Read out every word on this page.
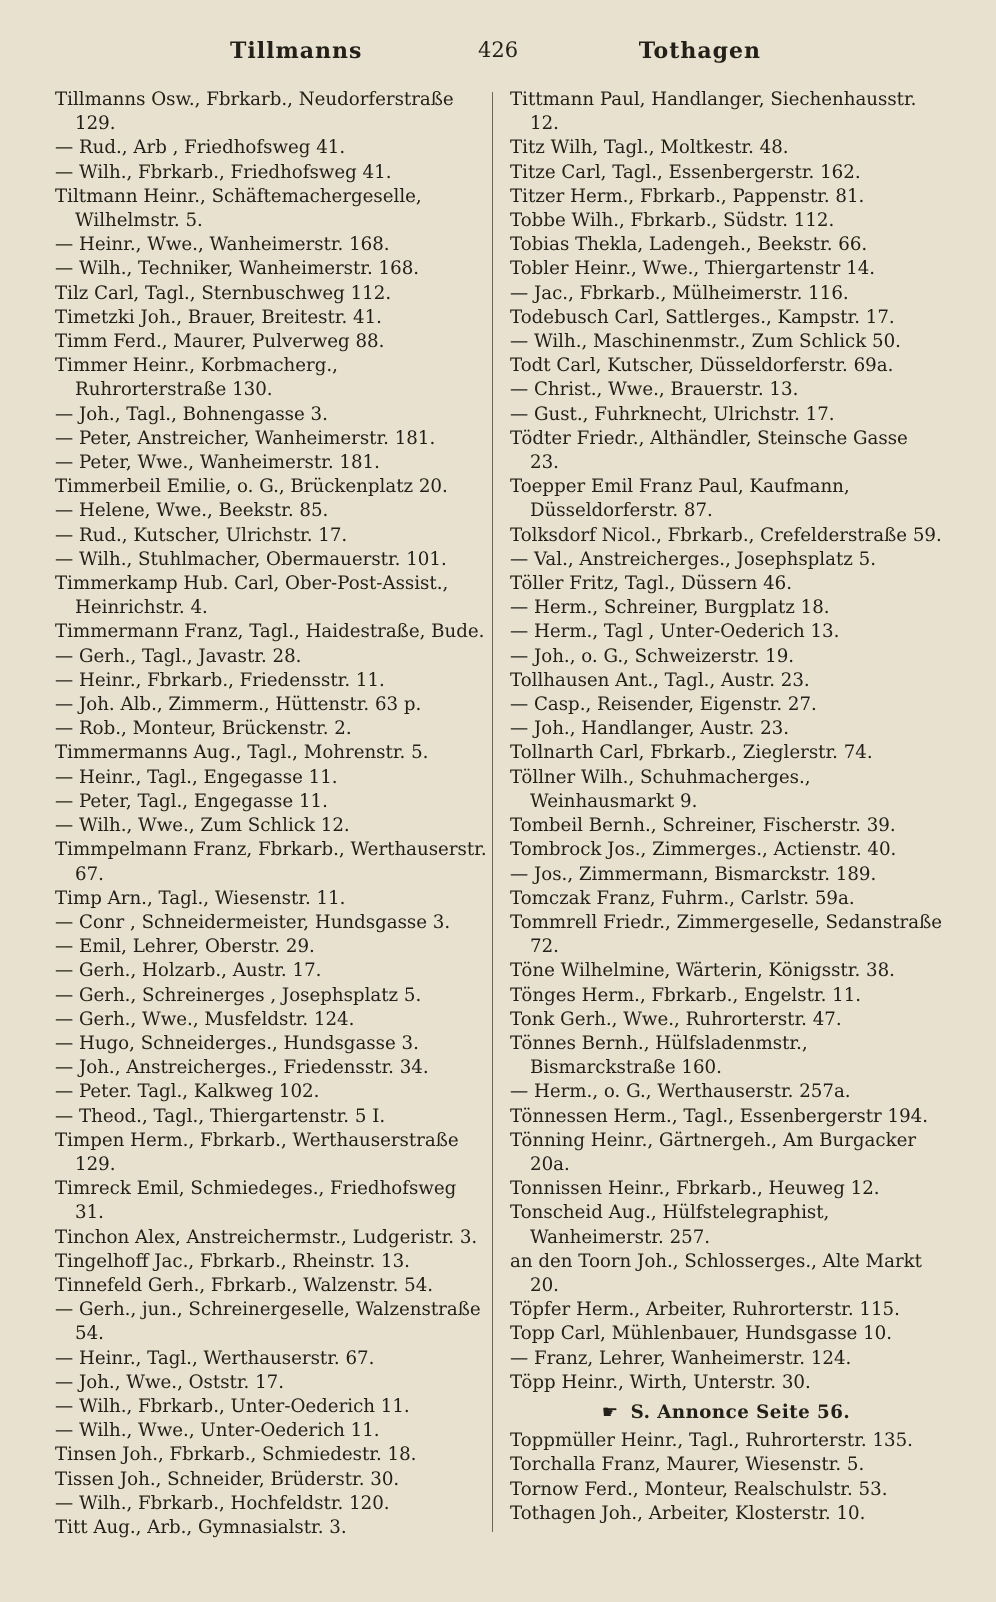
Tillmanns	426	Tothagen

Tillmanns Osw., Fbrkarb., Neudorferstraße 129.

— Rud., Arb , Friedhofsweg 41.

— Wilh., Fbrkarb., Friedhofsweg 41.

Tiltmann Heinr., Schäftemachergeselle, Wilhelmstr. 5.

— Heinr., Wwe., Wanheimerstr. 168.

— Wilh., Techniker, Wanheimerstr. 168.

Tilz Carl, Tagl., Sternbuschweg 112.

Timetzki Joh., Brauer, Breitestr. 41.

Timm Ferd., Maurer, Pulverweg 88.

Timmer Heinr., Korbmacherg., Ruhrorterstraße 130.

— Joh., Tagl., Bohnengasse 3.

— Peter, Anstreicher, Wanheimerstr. 181.

— Peter, Wwe., Wanheimerstr. 181.

Timmerbeil Emilie, o. G., Brückenplatz 20.

— Helene, Wwe., Beekstr. 85.

— Rud., Kutscher, Ulrichstr. 17.

— Wilh., Stuhlmacher, Obermauerstr. 101.

Timmerkamp Hub. Carl, Ober-Post-Assist., Heinrichstr. 4.

Timmermann Franz, Tagl., Haidestraße, Bude.

— Gerh., Tagl., Javastr. 28.

— Heinr., Fbrkarb., Friedensstr. 11.

— Joh. Alb., Zimmerm., Hüttenstr. 63 p.

— Rob., Monteur, Brückenstr. 2.

Timmermanns Aug., Tagl., Mohrenstr. 5.

— Heinr., Tagl., Engegasse 11.

— Peter, Tagl., Engegasse 11.

— Wilh., Wwe., Zum Schlick 12.

Timmpelmann Franz, Fbrkarb., Werthauserstr. 67.

Timp Arn., Tagl., Wiesenstr. 11.

— Conr , Schneidermeister, Hundsgasse 3.

— Emil, Lehrer, Oberstr. 29.

— Gerh., Holzarb., Austr. 17.

— Gerh., Schreinerges , Josephsplatz 5.

— Gerh., Wwe., Musfeldstr. 124.

— Hugo, Schneiderges., Hundsgasse 3.

— Joh., Anstreicherges., Friedensstr. 34.

— Peter. Tagl., Kalkweg 102.

— Theod., Tagl., Thiergartenstr. 5 I.

Timpen Herm., Fbrkarb., Werthauserstraße 129.

Timreck Emil, Schmiedeges., Friedhofsweg 31.

Tinchon Alex, Anstreichermstr., Ludgeristr. 3.

Tingelhoff Jac., Fbrkarb., Rheinstr. 13.

Tinnefeld Gerh., Fbrkarb., Walzenstr. 54.

— Gerh., jun., Schreinergeselle, Walzenstraße 54.

— Heinr., Tagl., Werthauserstr. 67.

— Joh., Wwe., Oststr. 17.

— Wilh., Fbrkarb., Unter-Oederich 11.

— Wilh., Wwe., Unter-Oederich 11.

Tinsen Joh., Fbrkarb., Schmiedestr. 18.

Tissen Joh., Schneider, Brüderstr. 30.

— Wilh., Fbrkarb., Hochfeldstr. 120.

Titt Aug., Arb., Gymnasialstr. 3.

Tittmann Paul, Handlanger, Siechenhausstr. 12.

Titz Wilh, Tagl., Moltkestr. 48.

Titze Carl, Tagl., Essenbergerstr. 162.

Titzer Herm., Fbrkarb., Pappenstr. 81.

Tobbe Wilh., Fbrkarb., Südstr. 112.

Tobias Thekla, Ladengeh., Beekstr. 66.

Tobler Heinr., Wwe., Thiergartenstr 14.

— Jac., Fbrkarb., Mülheimerstr. 116.

Todebusch Carl, Sattlerges., Kampstr. 17.

— Wilh., Maschinenmstr., Zum Schlick 50.

Todt Carl, Kutscher, Düsseldorferstr. 69a.

— Christ., Wwe., Brauerstr. 13.

— Gust., Fuhrknecht, Ulrichstr. 17.

Tödter Friedr., Althändler, Steinsche Gasse 23.

Toepper Emil Franz Paul, Kaufmann, Düsseldorferstr. 87.

Tolksdorf Nicol., Fbrkarb., Crefelderstraße 59.

— Val., Anstreicherges., Josephsplatz 5.

Töller Fritz, Tagl., Düssern 46.

— Herm., Schreiner, Burgplatz 18.

— Herm., Tagl , Unter-Oederich 13.

— Joh., o. G., Schweizerstr. 19.

Tollhausen Ant., Tagl., Austr. 23.

— Casp., Reisender, Eigenstr. 27.

— Joh., Handlanger, Austr. 23.

Tollnarth Carl, Fbrkarb., Zieglerstr. 74.

Töllner Wilh., Schuhmacherges., Weinhausmarkt 9.

Tombeil Bernh., Schreiner, Fischerstr. 39.

Tombrock Jos., Zimmerges., Actienstr. 40.

— Jos., Zimmermann, Bismarckstr. 189.

Tomczak Franz, Fuhrm., Carlstr. 59a.

Tommrell Friedr., Zimmergeselle, Sedanstraße 72.

Töne Wilhelmine, Wärterin, Königsstr. 38.

Tönges Herm., Fbrkarb., Engelstr. 11.

Tonk Gerh., Wwe., Ruhrorterstr. 47.

Tönnes Bernh., Hülfsladenmstr., Bismarckstraße 160.

— Herm., o. G., Werthauserstr. 257a.

Tönnessen Herm., Tagl., Essenbergerstr 194.

Tönning Heinr., Gärtnergeh., Am Burgacker 20a.

Tonnissen Heinr., Fbrkarb., Heuweg 12.

Tonscheid Aug., Hülfstelegraphist, Wanheimerstr. 257.

an den Toorn Joh., Schlosserges., Alte Markt 20.

Töpfer Herm., Arbeiter, Ruhrorterstr. 115.

Topp Carl, Mühlenbauer, Hundsgasse 10.

— Franz, Lehrer, Wanheimerstr. 124.

Töpp Heinr., Wirth, Unterstr. 30.

☛ S. Annonce Seite 56.

Toppmüller Heinr., Tagl., Ruhrorterstr. 135.

Torchalla Franz, Maurer, Wiesenstr. 5.

Tornow Ferd., Monteur, Realschulstr. 53.

Tothagen Joh., Arbeiter, Klosterstr. 10.
